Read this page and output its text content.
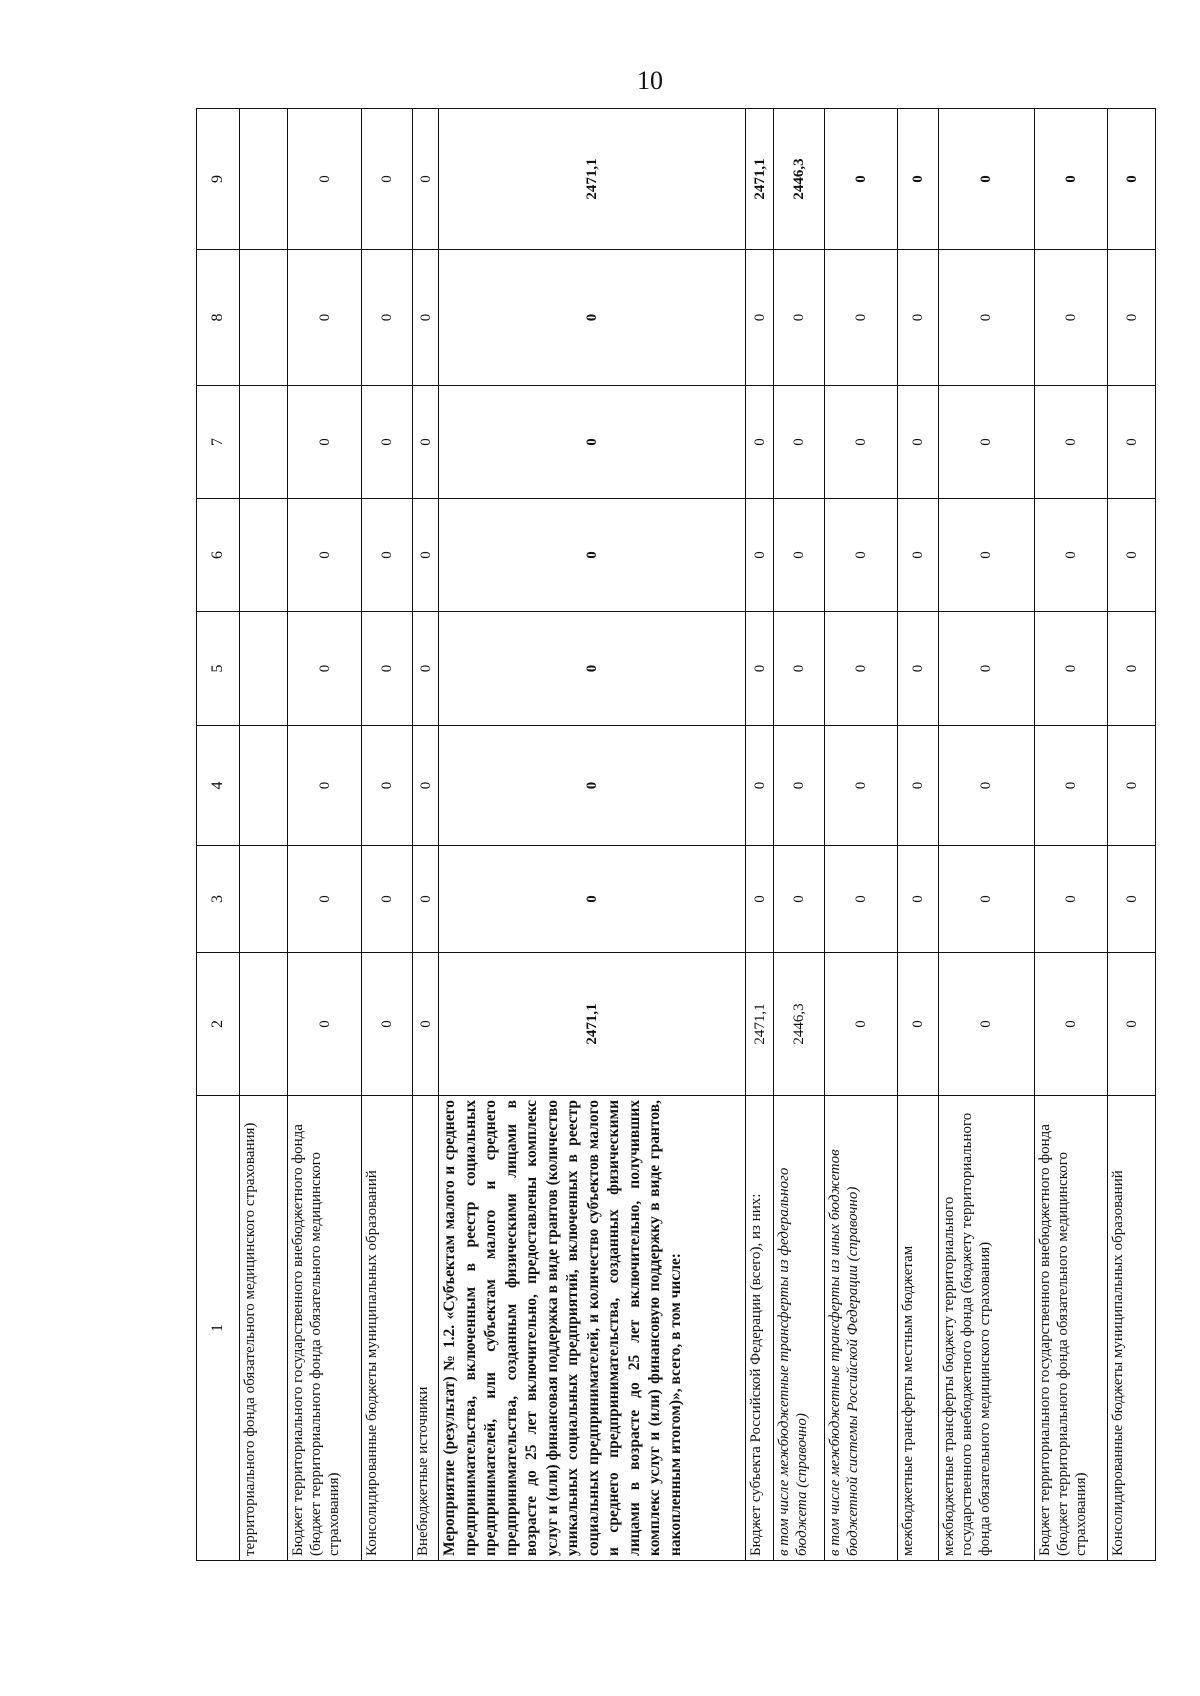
10
1	2	3	4	5	6	7	8	9
территориального фонда обязательного медицинского страхования)								
Бюджет территориального государственного внебюджетного фонда (бюджет территориального фонда обязательного медицинского страхования)	0	0	0	0	0	0	0	0
Консолидированные бюджеты муниципальных образований	0	0	0	0	0	0	0	0
Внебюджетные источники	0	0	0	0	0	0	0	0
Мероприятие (результат) № 1.2. «Субъектам малого и среднего предпринимательства, включенным в реестр социальных предпринимателей, или субъектам малого и среднего предпринимательства, созданным физическими лицами в возрасте до 25 лет включительно, предоставлены комплекс услуг и (или) финансовая поддержка в виде грантов (количество уникальных социальных предприятий, включенных в реестр социальных предпринимателей, и количество субъектов малого и среднего предпринимательства, созданных физическими лицами в возрасте до 25 лет включительно, получивших комплекс услуг и (или) финансовую поддержку в виде грантов, накопленным итогом)», всего, в том числе:	2471,1	0	0	0	0	0	0	2471,1
Бюджет субъекта Российской Федерации (всего), из них:	2471,1	0	0	0	0	0	0	2471,1
в том числе межбюджетные трансферты из федерального бюджета (справочно)	2446,3	0	0	0	0	0	0	2446,3
в том числе межбюджетные трансферты из иных бюджетов бюджетной системы Российской Федерации (справочно)	0	0	0	0	0	0	0	0
межбюджетные трансферты местным бюджетам	0	0	0	0	0	0	0	0
межбюджетные трансферты бюджету территориального государственного внебюджетного фонда (бюджету территориального фонда обязательного медицинского страхования)	0	0	0	0	0	0	0	0
Бюджет территориального государственного внебюджетного фонда (бюджет территориального фонда обязательного медицинского страхования)	0	0	0	0	0	0	0	0
Консолидированные бюджеты муниципальных образований	0	0	0	0	0	0	0	0
